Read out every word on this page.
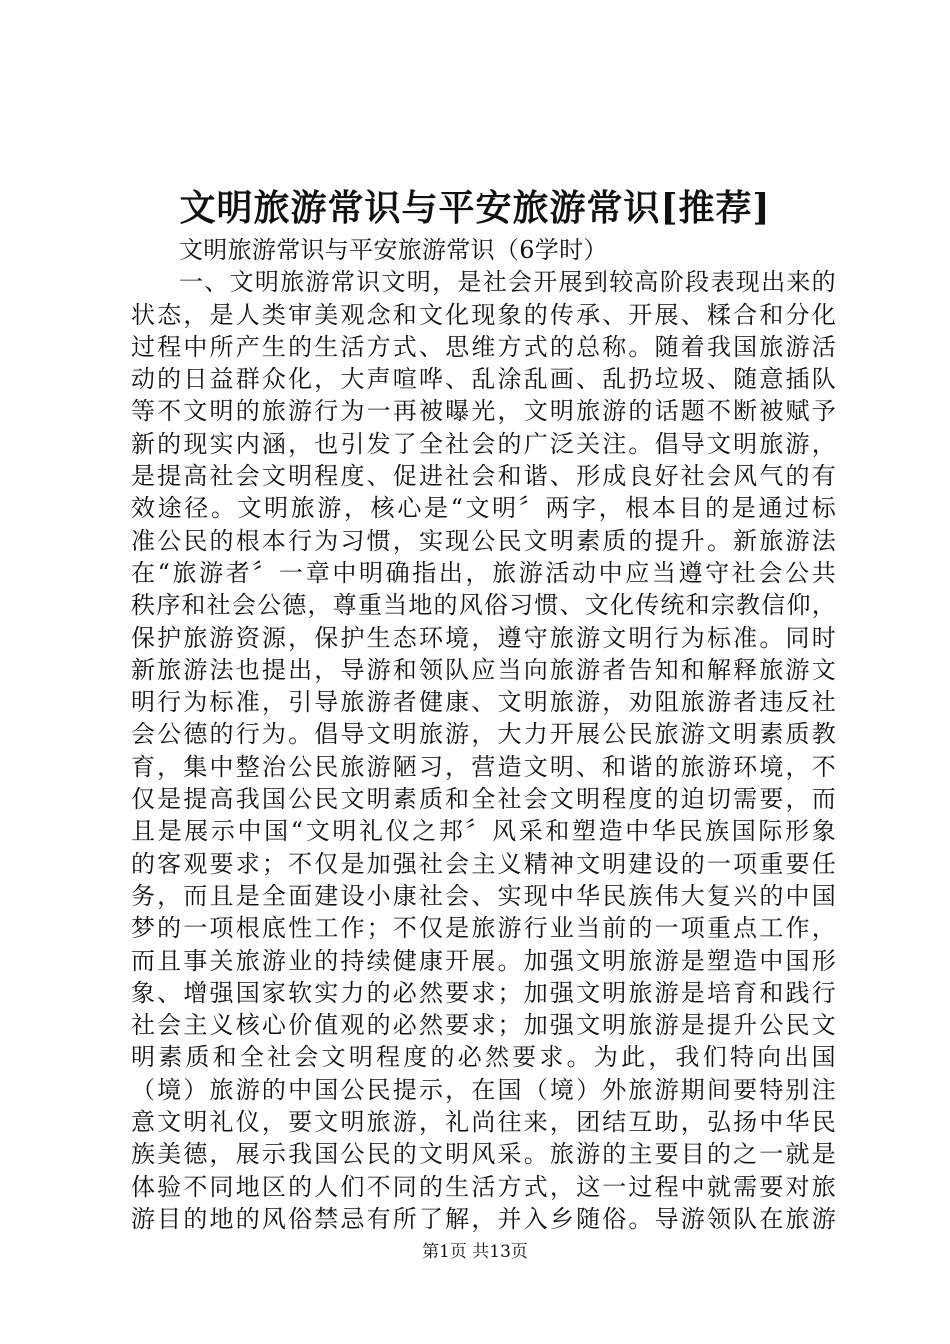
文明旅游常识与平安旅游常识[推荐]
文明旅游常识与平安旅游常识（6学时）
一、文明旅游常识文明，是社会开展到较高阶段表现出来的
状态，是人类审美观念和文化现象的传承、开展、糅合和分化
过程中所产生的生活方式、思维方式的总称。随着我国旅游活
动的日益群众化，大声喧哗、乱涂乱画、乱扔垃圾、随意插队
等不文明的旅游行为一再被曝光，文明旅游的话题不断被赋予
新的现实内涵，也引发了全社会的广泛关注。倡导文明旅游，
是提高社会文明程度、促进社会和谐、形成良好社会风气的有
效途径。文明旅游，核心是“文明〞两字，根本目的是通过标
准公民的根本行为习惯，实现公民文明素质的提升。新旅游法
在“旅游者〞一章中明确指出，旅游活动中应当遵守社会公共
秩序和社会公德，尊重当地的风俗习惯、文化传统和宗教信仰，
保护旅游资源，保护生态环境，遵守旅游文明行为标准。同时
新旅游法也提出，导游和领队应当向旅游者告知和解释旅游文
明行为标准，引导旅游者健康、文明旅游，劝阻旅游者违反社
会公德的行为。倡导文明旅游，大力开展公民旅游文明素质教
育，集中整治公民旅游陋习，营造文明、和谐的旅游环境，不
仅是提高我国公民文明素质和全社会文明程度的迫切需要，而
且是展示中国“文明礼仪之邦〞风采和塑造中华民族国际形象
的客观要求；不仅是加强社会主义精神文明建设的一项重要任
务，而且是全面建设小康社会、实现中华民族伟大复兴的中国
梦的一项根底性工作；不仅是旅游行业当前的一项重点工作，
而且事关旅游业的持续健康开展。加强文明旅游是塑造中国形
象、增强国家软实力的必然要求；加强文明旅游是培育和践行
社会主义核心价值观的必然要求；加强文明旅游是提升公民文
明素质和全社会文明程度的必然要求。为此，我们特向出国
（境）旅游的中国公民提示，在国（境）外旅游期间要特别注
意文明礼仪，要文明旅游，礼尚往来，团结互助，弘扬中华民
族美德，展示我国公民的文明风采。旅游的主要目的之一就是
体验不同地区的人们不同的生活方式，这一过程中就需要对旅
游目的地的风俗禁忌有所了解，并入乡随俗。导游领队在旅游
第1页 共13页
